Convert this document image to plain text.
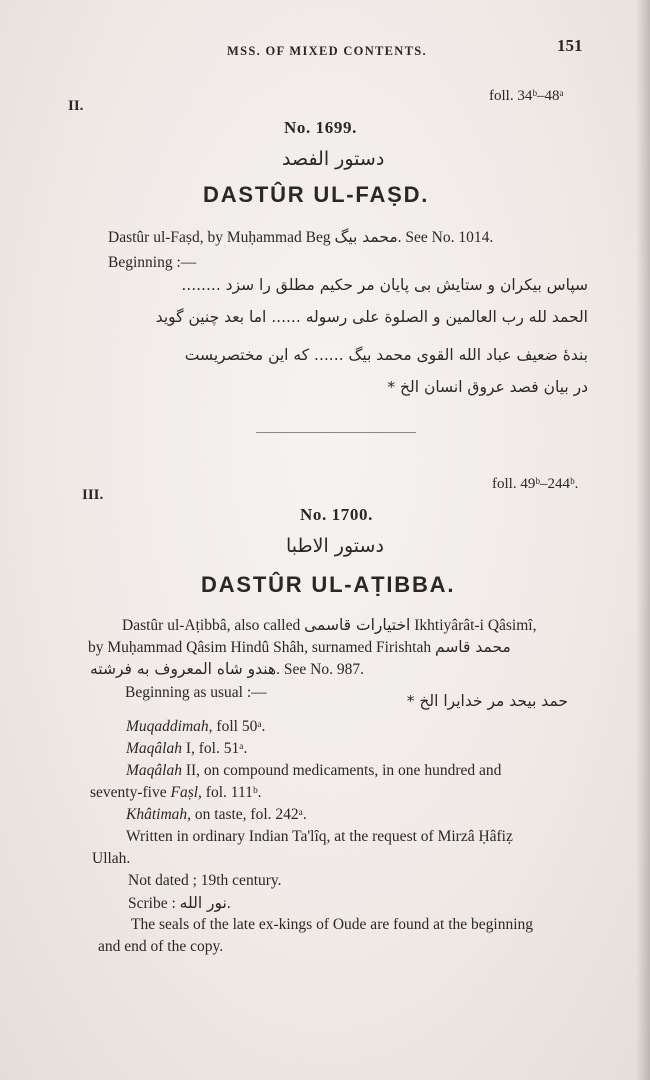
MSS. OF MIXED CONTENTS.	151
II.
foll. 34ᵇ–48ᵃ
No. 1699.
دستور الفصد
DASTÛR UL-FAṢD.
Dastûr ul-Faṣd, by Muḥammad Beg محمد بیگ. See No. 1014.
Beginning :—
سپاس بیکران و ستایش بی پایان مر حکیم مطلق را سزد ........
الحمد لله رب العالمین و الصلوة علی رسوله ...... اما بعد چنین گوید
بندهٔ ضعیف عباد الله القوی محمد بیگ ...... که این مختصریست
در بیان فصد عروق انسان الخ *
III.
foll. 49ᵇ–244ᵇ.
No. 1700.
دستور الاطبا
DASTÛR UL-AṬIBBA.
Dastûr ul-Aṭibbâ, also called اختیارات قاسمی Ikhtiyârât-i Qâsimî,
by Muḥammad Qâsim Hindû Shâh, surnamed Firishtah محمد قاسم
هندو شاه المعروف به فرشته. See No. 987.
Beginning as usual :—	حمد بیحد مر خدایرا الخ *
Muqaddimah, foll 50ᵃ.
Maqâlah I, fol. 51ᵃ.
Maqâlah II, on compound medicaments, in one hundred and
seventy-five Faṣl, fol. 111ᵇ.
Khâtimah, on taste, fol. 242ᵃ.
Written in ordinary Indian Ta'lîq, at the request of Mirzâ Ḥâfiẓ
Ullah.
Not dated ; 19th century.
Scribe : نور الله.
The seals of the late ex-kings of Oude are found at the beginning
and end of the copy.
